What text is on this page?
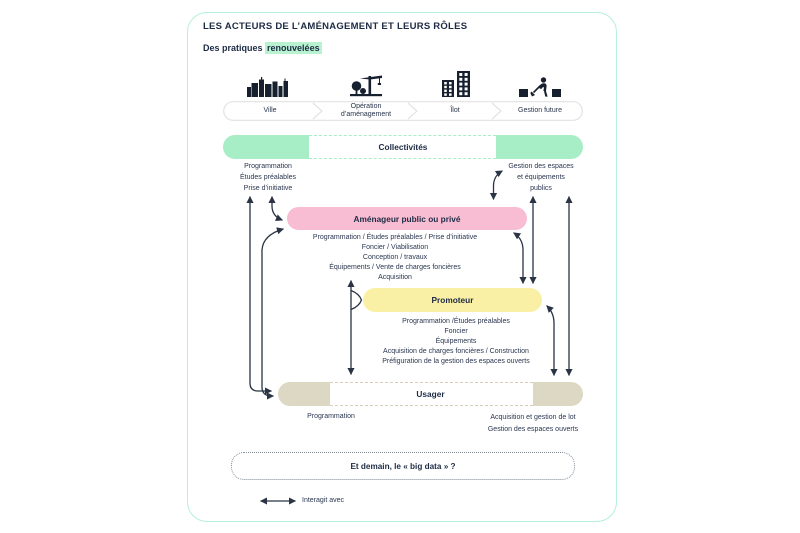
LES ACTEURS DE L’AMÉNAGEMENT ET LEURS RÔLES
Des pratiques renouvelées
Ville
Opération d’aménagement
Îlot	Gestion future
Collectivités
Programmation
Études préalables
Prise d’initiative
Gestion des espaces
et équipements
publics
Aménageur public ou privé
Programmation / Études préalables / Prise d’initiative
Foncier / Viabilisation
Conception / travaux
Équipements / Vente de charges foncières
Acquisition
Promoteur
Programmation /Études préalables
Foncier
Équipements
Acquisition de charges foncières / Construction
Préfiguration de la gestion des espaces ouverts
Usager
Programmation	Acquisition et gestion de lot
Gestion des espaces ouverts
Et demain, le « big data » ?
Interagit avec
